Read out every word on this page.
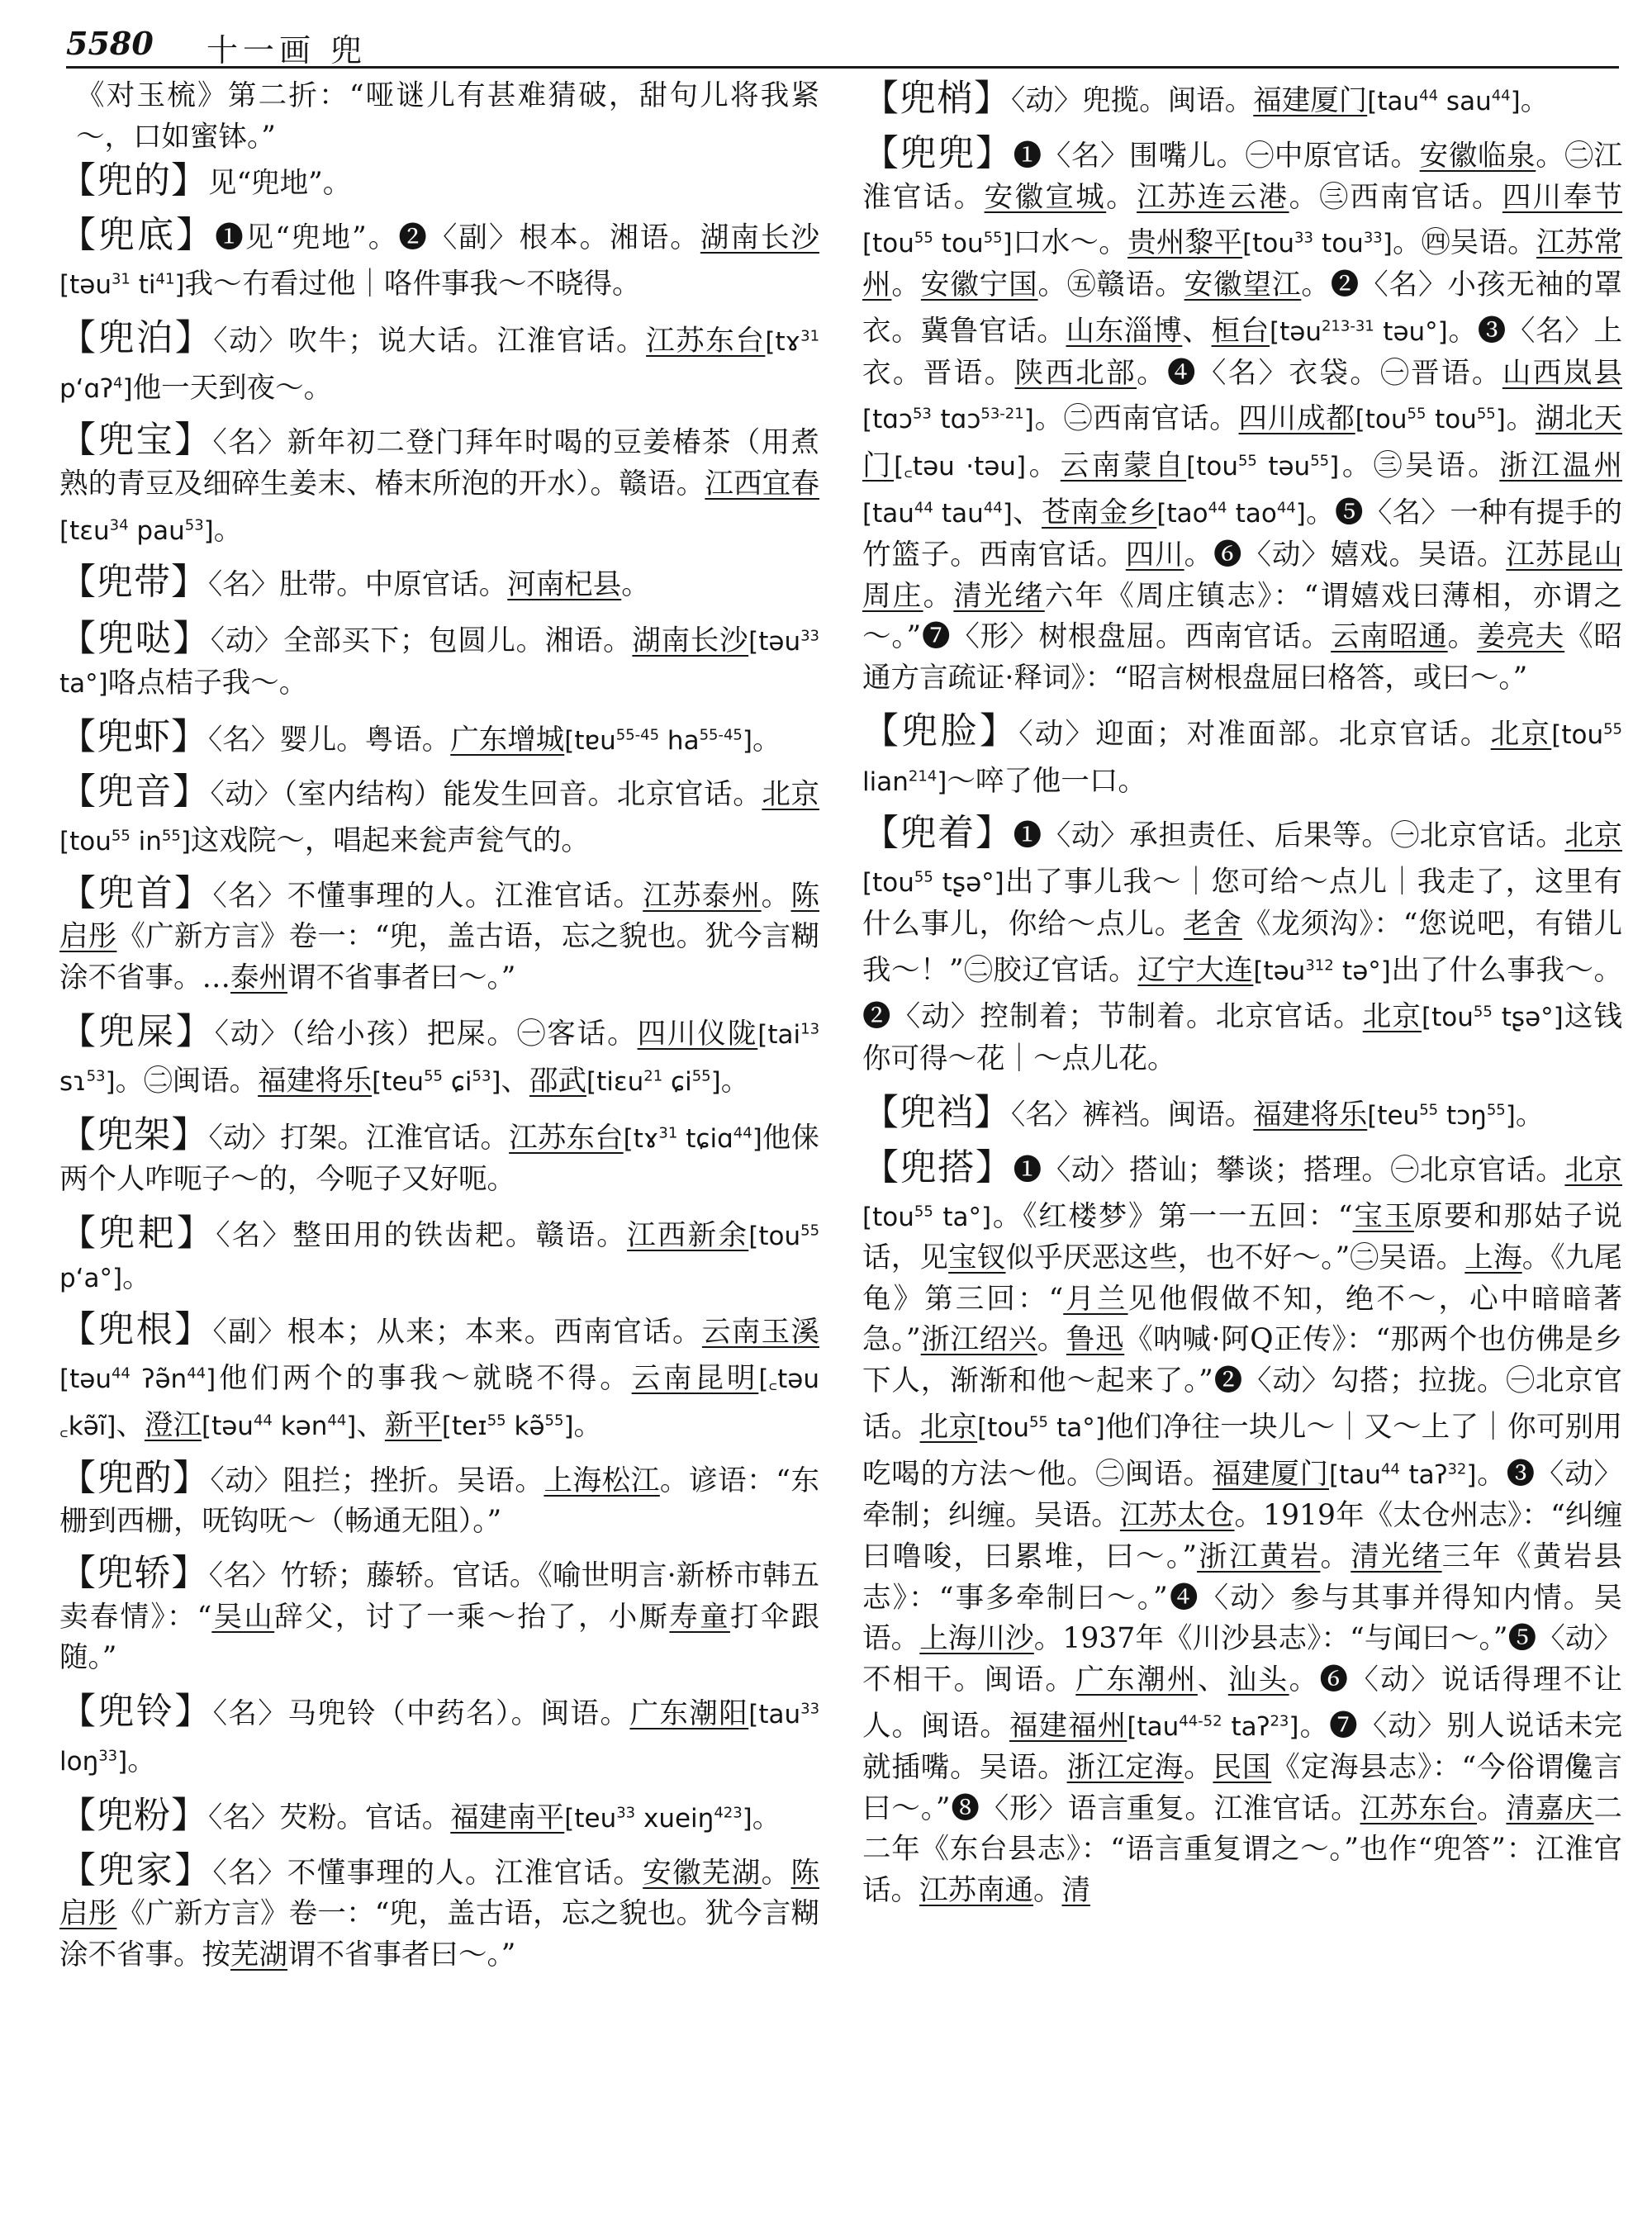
5580 十一画 兜

《对玉梳》第二折：“哑谜儿有甚难猜破，甜句儿将我紧～，口如蜜钵。”

【兜的】见“兜地”。

【兜底】❶见“兜地”。❷〈副〉根本。湘语。湖南长沙[təu$^{31}$ $ti^{41}$]我～冇看过他｜咯件事我～不晓得。

【兜泊】〈动〉吹牛；说大话。江淮官话。江苏东台[tɤ$^{31}$ p‘ɑʔ$^4$]他一天到夜～。

【兜宝】〈名〉新年初二登门拜年时喝的豆姜椿茶（用煮熟的青豆及细碎生姜末、椿末所泡的开水）。赣语。江西宜春[tɛu$^{34}$ pau$^{53}$]。

【兜带】〈名〉肚带。中原官话。河南杞县。

【兜哒】〈动〉全部买下；包圆儿。湘语。湖南长沙[təu$^{33}$ ta°]咯点桔子我～。

【兜虾】〈名〉婴儿。粤语。广东增城[tɐu$^{55-45}$ $ha^{55-45}$]。

【兜音】〈动〉（室内结构）能发生回音。北京官话。北京[tou$^{55}$ $in^{55}$]这戏院～，唱起来瓮声瓮气的。

【兜首】〈名〉不懂事理的人。江淮官话。江苏泰州。陈启彤《广新方言》卷一：“兜，盖古语，忘之貌也。犹今言糊涂不省事。…泰州谓不省事者曰～。”

【兜屎】〈动〉（给小孩）把屎。㊀客话。四川仪陇[tai$^{13}$ sɿ$^{53}$]。㊁闽语。福建将乐[teu$^{55}$ ɕi$^{53}$]、邵武[tiɛu$^{21}$ ɕi$^{55}$]。

【兜架】〈动〉打架。江淮官话。江苏东台[tɤ$^{31}$ tɕiɑ$^{44}$]他俫两个人咋呃子～的，今呃子又好呃。

【兜耙】〈名〉整田用的铁齿耙。赣语。江西新余[tou$^{55}$ p‘a°]。

【兜根】〈副〉根本；从来；本来。西南官话。云南玉溪[təu$^{44}$ $ʔə̃n^{44}$]他们两个的事我～就晓不得。云南昆明[꜀təu ꜀kə̃ĩ]、澄江[təu$^{44}$ kən$^{44}$]、新平[teɪ$^{55}$ kə̃$^{55}$]。

【兜酌】〈动〉阻拦；挫折。吴语。上海松江。谚语：“东栅到西栅，呒钩呒～（畅通无阻）。”

【兜轿】〈名〉竹轿；藤轿。官话。《喻世明言·新桥市韩五卖春情》：“吴山辞父，讨了一乘～抬了，小厮寿童打伞跟随。”

【兜铃】〈名〉马兜铃（中药名）。闽语。广东潮阳[tau$^{33}$ loŋ$^{33}$]。

【兜粉】〈名〉芡粉。官话。福建南平[teu$^{33}$ xueiŋ$^{423}$]。

【兜家】〈名〉不懂事理的人。江淮官话。安徽芜湖。陈启彤《广新方言》卷一：“兜，盖古语，忘之貌也。犹今言糊涂不省事。按芜湖谓不省事者曰～。”

【兜梢】〈动〉兜揽。闽语。福建厦门[tau$^{44}$ sau$^{44}$]。

【兜兜】❶〈名〉围嘴儿。㊀中原官话。安徽临泉。㊁江淮官话。安徽宣城。江苏连云港。㊂西南官话。四川奉节[tou$^{55}$ tou$^{55}$]口水～。贵州黎平[tou$^{33}$ tou$^{33}$]。㊃吴语。江苏常州。安徽宁国。㊄赣语。安徽望江。❷〈名〉小孩无袖的罩衣。冀鲁官话。山东淄博、桓台[təu$^{213-31}$ təu°]。❸〈名〉上衣。晋语。陕西北部。❹〈名〉衣袋。㊀晋语。山西岚县[tɑɔ$^{53}$ tɑɔ$^{53-21}$]。㊁西南官话。四川成都[tou$^{55}$ tou$^{55}$]。湖北天门[꜀təu ·təu]。云南蒙自[tou$^{55}$ təu$^{55}$]。㊂吴语。浙江温州[tau$^{44}$ tau$^{44}$]、苍南金乡[tao$^{44}$ tao$^{44}$]。❺〈名〉一种有提手的竹篮子。西南官话。四川。❻〈动〉嬉戏。吴语。江苏昆山周庄。清光绪六年《周庄镇志》：“谓嬉戏曰薄相，亦谓之～。”❼〈形〉树根盘屈。西南官话。云南昭通。姜亮夫《昭通方言疏证·释词》：“昭言树根盘屈曰格答，或曰～。”

【兜脸】〈动〉迎面；对准面部。北京官话。北京[tou$^{55}$ lian$^{214}$]～啐了他一口。

【兜着】❶〈动〉承担责任、后果等。㊀北京官话。北京[tou$^{55}$ tʂə°]出了事儿我～｜您可给～点儿｜我走了，这里有什么事儿，你给～点儿。老舍《龙须沟》：“您说吧，有错儿我～！”㊁胶辽官话。辽宁大连[təu$^{312}$ tə°]出了什么事我～。❷〈动〉控制着；节制着。北京官话。北京[tou$^{55}$ tʂə°]这钱你可得～花｜～点儿花。

【兜裆】〈名〉裤裆。闽语。福建将乐[teu$^{55}$ tɔŋ$^{55}$]。

【兜搭】❶〈动〉搭讪；攀谈；搭理。㊀北京官话。北京[tou$^{55}$ ta°]。《红楼梦》第一一五回：“宝玉原要和那姑子说话，见宝钗似乎厌恶这些，也不好～。”㊁吴语。上海。《九尾龟》第三回：“月兰见他假做不知，绝不～，心中暗暗著急。”浙江绍兴。鲁迅《呐喊·阿Q正传》：“那两个也仿佛是乡下人，渐渐和他～起来了。”❷〈动〉勾搭；拉拢。㊀北京官话。北京[tou$^{55}$ ta°]他们净往一块儿～｜又～上了｜你可别用吃喝的方法～他。㊁闽语。福建厦门[tau$^{44}$ taʔ$^{32}$]。❸〈动〉牵制；纠缠。吴语。江苏太仓。1919年《太仓州志》：“纠缠曰噜唆，曰累堆，曰～。”浙江黄岩。清光绪三年《黄岩县志》：“事多牵制曰～。”❹〈动〉参与其事并得知内情。吴语。上海川沙。1937年《川沙县志》：“与闻曰～。”❺〈动〉不相干。闽语。广东潮州、汕头。❻〈动〉说话得理不让人。闽语。福建福州[tau$^{44-52}$ taʔ$^{23}$]。❼〈动〉别人说话未完就插嘴。吴语。浙江定海。民国《定海县志》：“今俗谓儳言曰～。”❽〈形〉语言重复。江淮官话。江苏东台。清嘉庆二二年《东台县志》：“语言重复谓之～。”也作“兜答”：江淮官话。江苏南通。清
